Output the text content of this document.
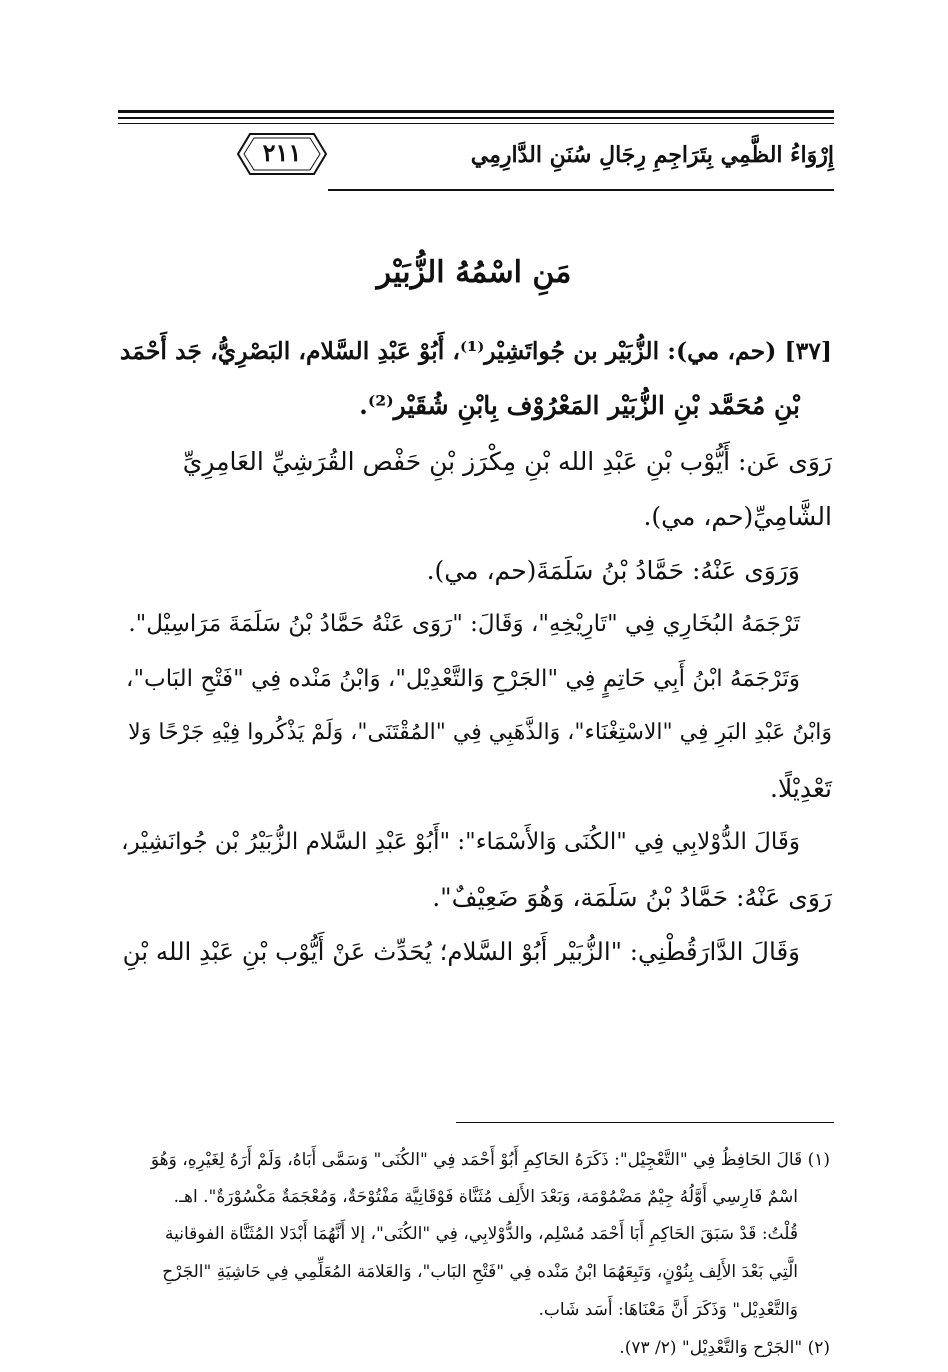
إِرْوَاءُ الظَّمِي بِتَرَاجِمِ رِجَالِ سُنَنِ الدَّارِمِي
٢١١
مَنِ اسْمُهُ الزُّبَيْر
[٣٧] (حم، مي): الزُّبَيْر بن جُواتَشِيْر⁽¹⁾، أَبُوْ عَبْدِ السَّلام، البَصْرِيُّ، جَد أَحْمَد
بْنِ مُحَمَّد بْنِ الزُّبَيْر المَعْرُوْف بِابْنِ شُقَيْر⁽²⁾.
رَوَى عَن: أَيُّوْب بْنِ عَبْدِ الله بْنِ مِكْرَز بْنِ حَفْص القُرَشِيِّ العَامِرِيِّ
الشَّامِيِّ(حم، مي).
وَرَوَى عَنْهُ: حَمَّادُ بْنُ سَلَمَةَ(حم، مي).
تَرْجَمَهُ البُخَارِي فِي "تَارِيْخِهِ"، وَقَالَ: "رَوَى عَنْهُ حَمَّادُ بْنُ سَلَمَةَ مَرَاسِيْل".
وَتَرْجَمَهُ ابْنُ أَبِي حَاتِمٍ فِي "الجَرْحِ وَالتَّعْدِيْل"، وَابْنُ مَنْده فِي "فَتْحِ البَاب"،
وَابْنُ عَبْدِ البَرِ فِي "الاسْتِغْنَاء"، وَالذَّهَبِي فِي "المُقْتَنَى"، وَلَمْ يَذْكُروا فِيْهِ جَرْحًا وَلا
تَعْدِيْلًا.
وَقَالَ الدُّوْلابِي فِي "الكُنَى وَالأَسْمَاء": "أَبُوْ عَبْدِ السَّلام الزُّبَيْرُ بْن جُوانَشِيْر،
رَوَى عَنْهُ: حَمَّادُ بْنُ سَلَمَة، وَهُوَ ضَعِيْفٌ".
وَقَالَ الدَّارَقُطْنِي: "الزُّبَيْر أَبُوْ السَّلام؛ يُحَدِّث عَنْ أَيُّوْب بْنِ عَبْدِ الله بْنِ
(١) قَالَ الحَافِظُ فِي "التَّعْجِيْل": ذَكَرَهُ الحَاكِمِ أَبُوْ أَحْمَد فِي "الكُنَى" وَسَمَّى أَبَاهُ، وَلَمْ أَرَهُ لِغَيْرِهِ، وَهُوَ
اسْمٌ فَارِسِي أَوَّلُهُ جِيْمٌ مَضْمُوْمَة، وَبَعْدَ الأَلِف مُثَنَّاة فَوْقَانِيَّة مَفْتُوْحَةٌ، وَمُعْجَمَةٌ مَكْسُوْرَةٌ". اهـ.
قُلْتُ: قَدْ سَبَقَ الحَاكِمِ أَبَا أَحْمَد مُسْلِم، والدُّوْلابِي، فِي "الكُنَى"، إلا أَنَّهُمَا أَبْدَلا المُثَنَّاة الفوقانية
الَّتِي بَعْدَ الأَلِف بِنُوْنٍ، وَتَبِعَهُمَا ابْنُ مَنْده فِي "فَتْحِ البَاب"، وَالعَلامَة المُعَلِّمِي فِي حَاشِيَةِ "الجَرْحِ
وَالتَّعْدِيْل" وَذَكَرَ أَنَّ مَعْنَاهَا: أَسَد شَاب.
(٢) "الجَرْح وَالتَّعْدِيْل" (٢/ ٧٣).
